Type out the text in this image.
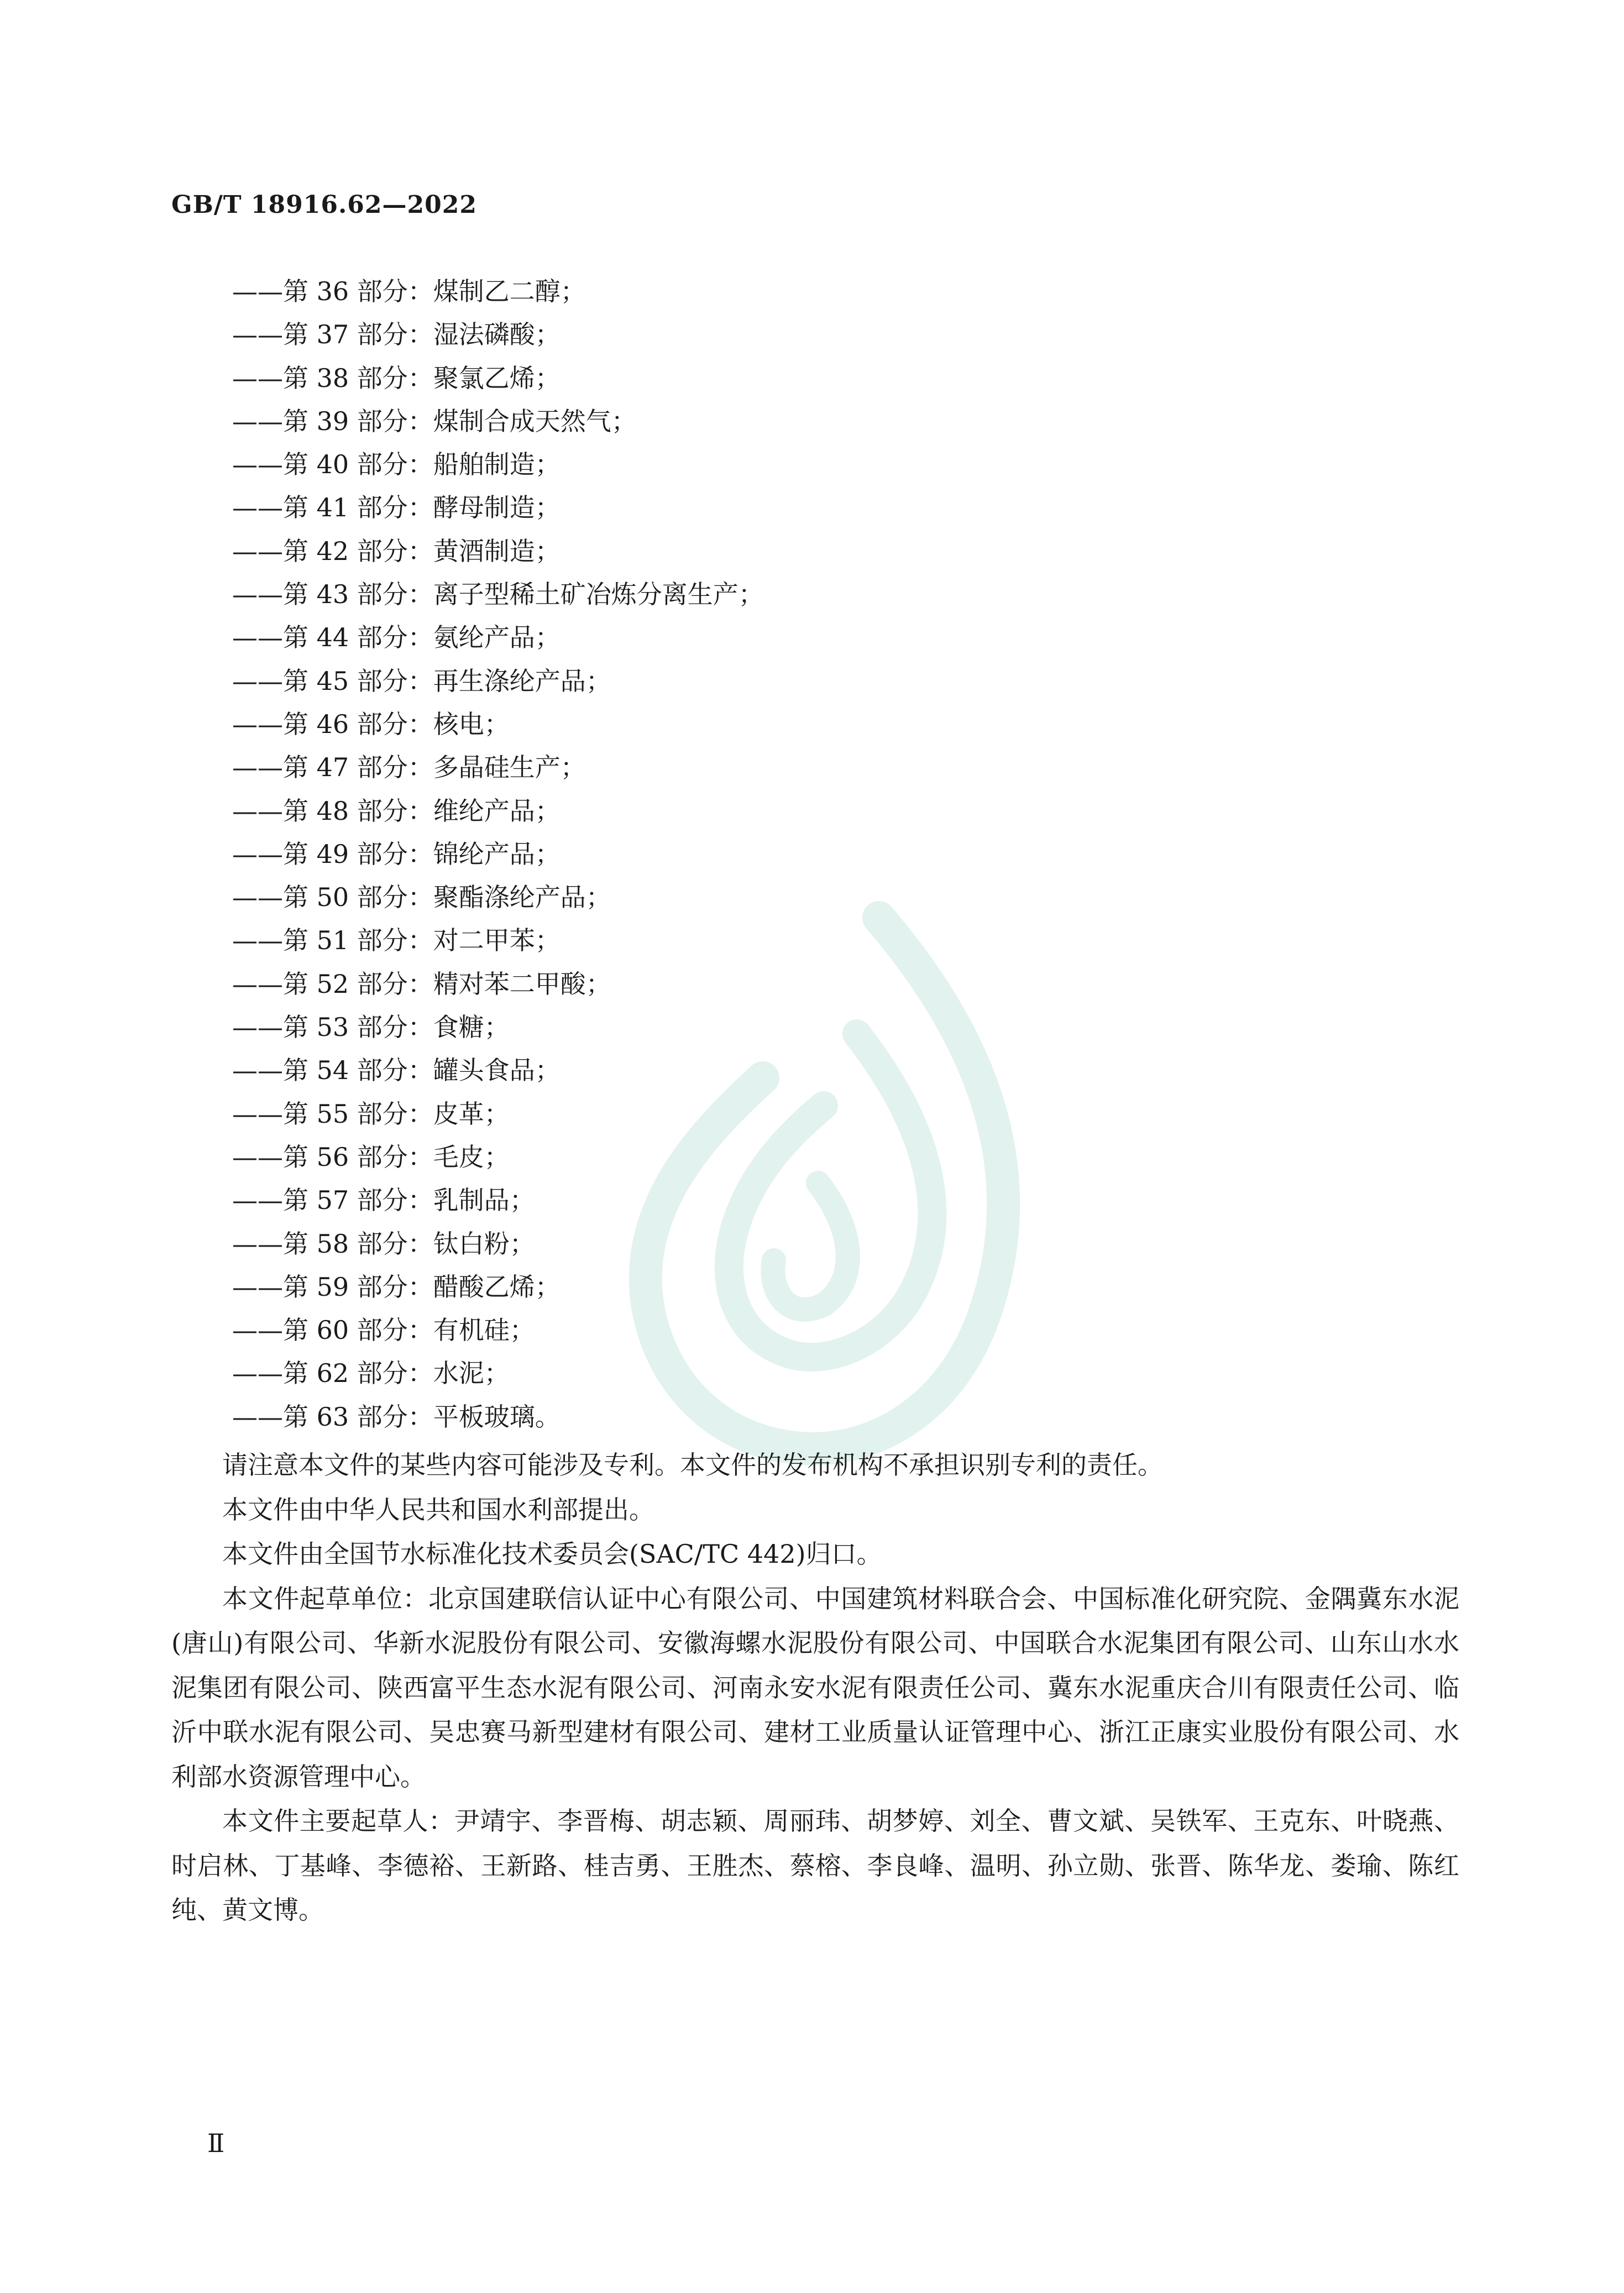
GB/T 18916.62—2022
——第 36 部分：煤制乙二醇；
——第 37 部分：湿法磷酸；
——第 38 部分：聚氯乙烯；
——第 39 部分：煤制合成天然气；
——第 40 部分：船舶制造；
——第 41 部分：酵母制造；
——第 42 部分：黄酒制造；
——第 43 部分：离子型稀土矿冶炼分离生产；
——第 44 部分：氨纶产品；
——第 45 部分：再生涤纶产品；
——第 46 部分：核电；
——第 47 部分：多晶硅生产；
——第 48 部分：维纶产品；
——第 49 部分：锦纶产品；
——第 50 部分：聚酯涤纶产品；
——第 51 部分：对二甲苯；
——第 52 部分：精对苯二甲酸；
——第 53 部分：食糖；
——第 54 部分：罐头食品；
——第 55 部分：皮革；
——第 56 部分：毛皮；
——第 57 部分：乳制品；
——第 58 部分：钛白粉；
——第 59 部分：醋酸乙烯；
——第 60 部分：有机硅；
——第 62 部分：水泥；
——第 63 部分：平板玻璃。

请注意本文件的某些内容可能涉及专利。本文件的发布机构不承担识别专利的责任。

本文件由中华人民共和国水利部提出。

本文件由全国节水标准化技术委员会(SAC/TC 442)归口。

本文件起草单位：北京国建联信认证中心有限公司、中国建筑材料联合会、中国标准化研究院、金隅冀东水泥(唐山)有限公司、华新水泥股份有限公司、安徽海螺水泥股份有限公司、中国联合水泥集团有限公司、山东山水水泥集团有限公司、陕西富平生态水泥有限公司、河南永安水泥有限责任公司、冀东水泥重庆合川有限责任公司、临沂中联水泥有限公司、吴忠赛马新型建材有限公司、建材工业质量认证管理中心、浙江正康实业股份有限公司、水利部水资源管理中心。

本文件主要起草人：尹靖宇、李晋梅、胡志颖、周丽玮、胡梦婷、刘全、曹文斌、吴铁军、王克东、叶晓燕、时启林、丁基峰、李德裕、王新路、桂吉勇、王胜杰、蔡榕、李良峰、温明、孙立勋、张晋、陈华龙、娄瑜、陈红纯、黄文博。

Ⅱ
